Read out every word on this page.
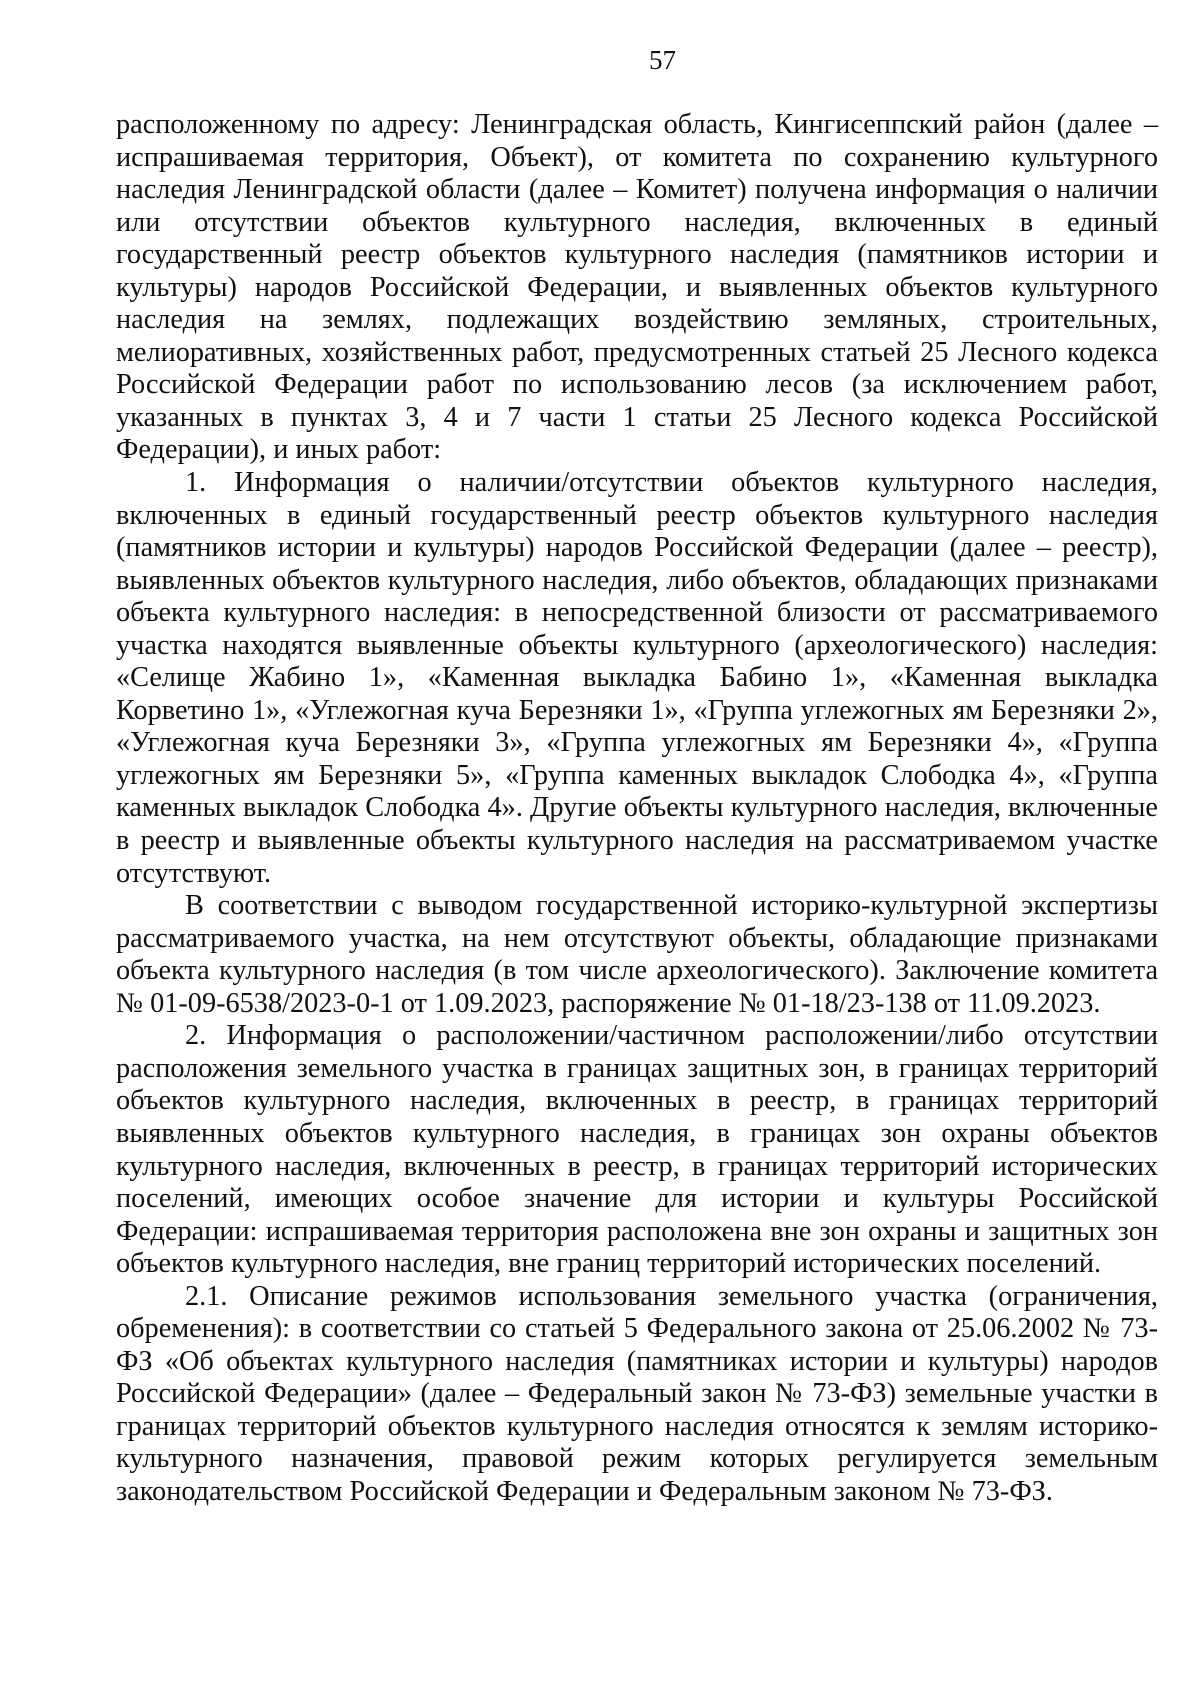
57

расположенному по адресу: Ленинградская область, Кингисеппский район (далее – испрашиваемая территория, Объект), от комитета по сохранению культурного наследия Ленинградской области (далее – Комитет) получена информация о наличии или отсутствии объектов культурного наследия, включенных в единый государственный реестр объектов культурного наследия (памятников истории и культуры) народов Российской Федерации, и выявленных объектов культурного наследия на землях, подлежащих воздействию земляных, строительных, мелиоративных, хозяйственных работ, предусмотренных статьей 25 Лесного кодекса Российской Федерации работ по использованию лесов (за исключением работ, указанных в пунктах 3, 4 и 7 части 1 статьи 25 Лесного кодекса Российской Федерации), и иных работ:

1. Информация о наличии/отсутствии объектов культурного наследия, включенных в единый государственный реестр объектов культурного наследия (памятников истории и культуры) народов Российской Федерации (далее – реестр), выявленных объектов культурного наследия, либо объектов, обладающих признаками объекта культурного наследия: в непосредственной близости от рассматриваемого участка находятся выявленные объекты культурного (археологического) наследия: «Селище Жабино 1», «Каменная выкладка Бабино 1», «Каменная выкладка Корветино 1», «Углежогная куча Березняки 1», «Группа углежогных ям Березняки 2», «Углежогная куча Березняки 3», «Группа углежогных ям Березняки 4», «Группа углежогных ям Березняки 5», «Группа каменных выкладок Слободка 4», «Группа каменных выкладок Слободка 4». Другие объекты культурного наследия, включенные в реестр и выявленные объекты культурного наследия на рассматриваемом участке отсутствуют.

В соответствии с выводом государственной историко-культурной экспертизы рассматриваемого участка, на нем отсутствуют объекты, обладающие признаками объекта культурного наследия (в том числе археологического). Заключение комитета № 01-09-6538/2023-0-1 от 1.09.2023, распоряжение № 01-18/23-138 от 11.09.2023.

2. Информация о расположении/частичном расположении/либо отсутствии расположения земельного участка в границах защитных зон, в границах территорий объектов культурного наследия, включенных в реестр, в границах территорий выявленных объектов культурного наследия, в границах зон охраны объектов культурного наследия, включенных в реестр, в границах территорий исторических поселений, имеющих особое значение для истории и культуры Российской Федерации: испрашиваемая территория расположена вне зон охраны и защитных зон объектов культурного наследия, вне границ территорий исторических поселений.

2.1. Описание режимов использования земельного участка (ограничения, обременения): в соответствии со статьей 5 Федерального закона от 25.06.2002 № 73-ФЗ «Об объектах культурного наследия (памятниках истории и культуры) народов Российской Федерации» (далее – Федеральный закон № 73-ФЗ) земельные участки в границах территорий объектов культурного наследия относятся к землям историко-культурного назначения, правовой режим которых регулируется земельным законодательством Российской Федерации и Федеральным законом № 73-ФЗ.
